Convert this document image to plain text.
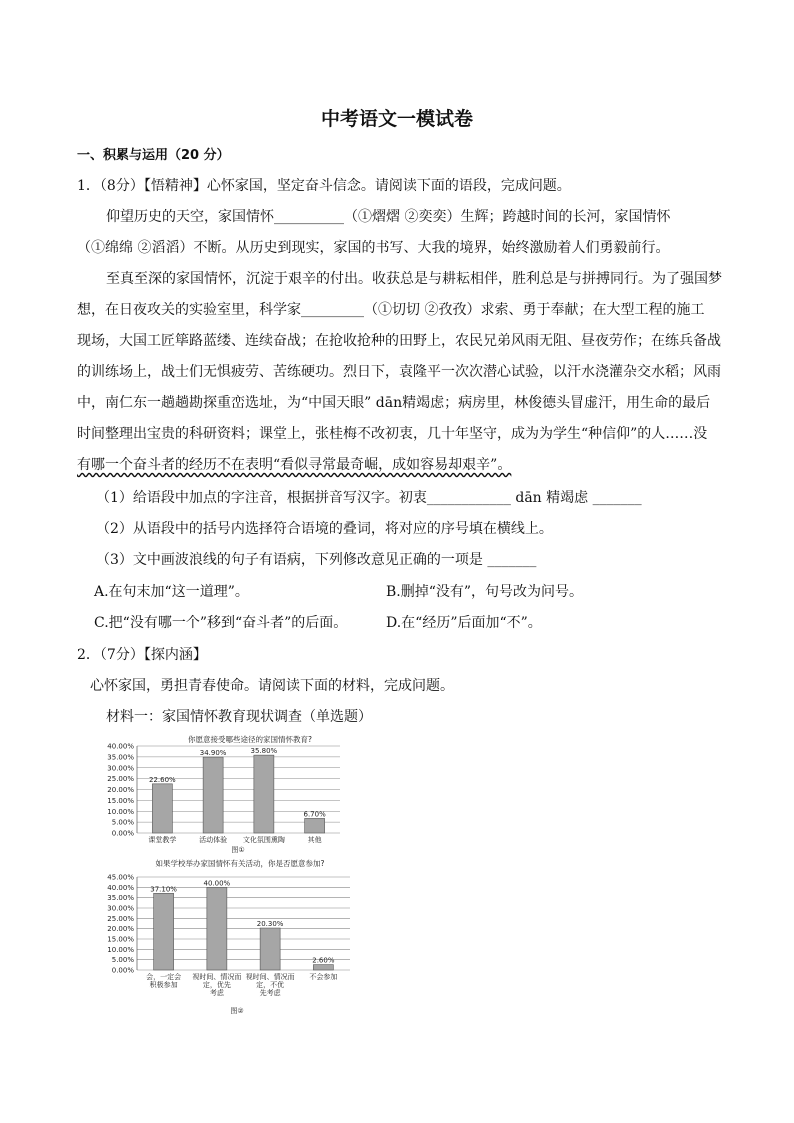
中考语文一模试卷
一、积累与运用（20 分）
1．（8分）【悟精神】心怀家国，坚定奋斗信念。请阅读下面的语段，完成问题。
仰望历史的天空，家国情怀__________（①熠熠 ②奕奕）生辉；跨越时间的长河，家国情怀
（①绵绵 ②滔滔）不断。从历史到现实，家国的书写、大我的境界，始终激励着人们勇毅前行。
至真至深的家国情怀，沉淀于艰辛的付出。收获总是与耕耘相伴，胜利总是与拼搏同行。为了强国梦
想，在日夜攻关的实验室里，科学家_________（①切切 ②孜孜）求索、勇于奉献；在大型工程的施工
现场，大国工匠筚路蓝缕、连续奋战；在抢收抢种的田野上，农民兄弟风雨无阻、昼夜劳作；在练兵备战
的训练场上，战士们无惧疲劳、苦练硬功。烈日下，袁隆平一次次潜心试验，以汗水浇灌杂交水稻；风雨
中，南仁东一趟趟勘探重峦选址，为“中国天眼” dān精竭虑；病房里，林俊德头冒虚汗，用生命的最后
时间整理出宝贵的科研资料；课堂上，张桂梅不改初衷，几十年坚守，成为为学生“种信仰”的人……没
有哪一个奋斗者的经历不在表明“看似寻常最奇崛，成如容易却艰辛”。
（1）给语段中加点的字注音，根据拼音写汉字。初衷____________ dān 精竭虑 _______
（2）从语段中的括号内选择符合语境的叠词，将对应的序号填在横线上。
（3）文中画波浪线的句子有语病，下列修改意见正确的一项是 _______
A.在句末加“这一道理”。	B.删掉“没有”，句号改为问号。
C.把“没有哪一个”移到“奋斗者”的后面。	D.在“经历”后面加“不”。
2．（7分）【探内涵】
心怀家国，勇担青春使命。请阅读下面的材料，完成问题。
材料一：家国情怀教育现状调查（单选题）
你愿意接受哪些途径的家国情怀教育?
0.00%
5.00%
10.00%
15.00%
20.00%
25.00%
30.00%
35.00%
40.00%
22.60%
课堂教学
34.90%
活动体验
35.80%
文化氛围熏陶
6.70%
其他
图①
如果学校举办家国情怀有关活动，你是否愿意参加?
0.00%
5.00%
10.00%
15.00%
20.00%
25.00%
30.00%
35.00%
40.00%
45.00%
37.10%
会，一定会
积极参加
40.00%
视时间、情况而
定，优先
考虑
20.30%
视时间、情况而
定，不优
先考虑
2.60%
不会参加
图②
